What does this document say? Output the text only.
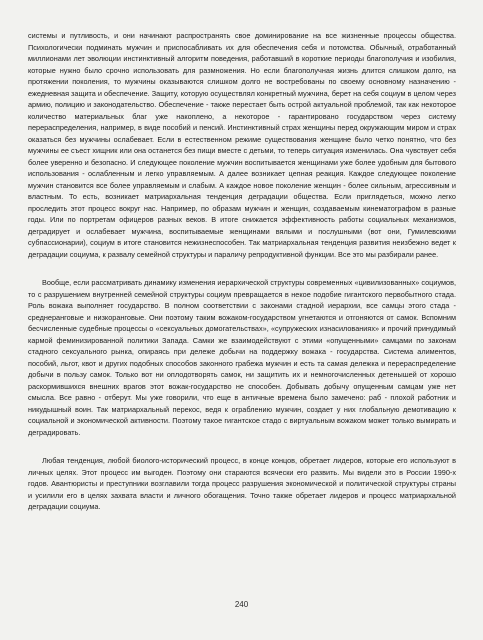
системы и путливость, и они начинают распространять свое доминирование на все жизненные процессы общества. Психологически подминать мужчин и приспосабливать их для обеспечения себя и потомства. Обычный, отработанный миллионами лет эволюции инстинктивный алгоритм поведения, работавший в короткие периоды благополучия и изобилия, которые нужно было срочно использовать для размножения. Но если благополучная жизнь длится слишком долго, на протяжении поколения, то мужчины оказываются слишком долго не востребованы по своему основному назначению - ежедневная защита и обеспечение. Защиту, которую осуществлял конкретный мужчина, берет на себя социум в целом через армию, полицию и законодательство. Обеспечение - также перестает быть острой актуальной проблемой, так как некоторое количество материальных благ уже накоплено, а некоторое - гарантировано государством через систему перераспределения, например, в виде пособий и пенсий. Инстинктивный страх женщины перед окружающим миром и страх оказаться без мужчины ослабевает. Если в естественном режиме существования женщине было четко понятно, что без мужчины ее съест хищник или она останется без пищи вместе с детьми, то теперь ситуация изменилась. Она чувствует себя более уверенно и безопасно. И следующее поколение мужчин воспитывается женщинами уже более удобным для бытового использования - ослабленным и легко управляемым. А далее возникает цепная реакция. Каждое следующее поколение мужчин становится все более управляемым и слабым. А каждое новое поколение женщин - более сильным, агрессивным и властным. То есть, возникает матриархальная тенденция деградации общества. Если приглядеться, можно легко проследить этот процесс вокруг нас. Например, по образам мужчин и женщин, создаваемым кинематографом в разные годы. Или по портретам офицеров разных веков. В итоге снижается эффективность работы социальных механизмов, деградирует и ослабевает мужчина, воспитываемые женщинами вялыми и послушными (вот они, Гумилевскими субпассионарии), социум в итоге становится нежизнеспособен. Так матриархальная тенденция развития неизбежно ведет к деградации социума, к развалу семейной структуры и параличу репродуктивной функции. Все это мы разбирали ранее.

Вообще, если рассматривать динамику изменения иерархической структуры современных «цивилизованных» социумов, то с разрушением внутренней семейной структуры социум превращается в некое подобие гигантского первобытного стада. Роль вожака выполняет государство. В полном соответствии с законами стадной иерархии, все самцы этого стада - среднеранговые и низкоранговые. Они поэтому таким вожаком-государством угнетаются и отгоняются от самок. Вспомним бесчисленные судебные процессы о «сексуальных домогательствах», «супружеских изнасилованиях» и прочий принудимый кармой феминизированной политики Запада. Самки же взаимодействуют с этими «опущенными» самцами по законам стадного сексуального рынка, опираясь при дележе добычи на поддержку вожака - государства. Система алиментов, пособий, льгот, квот и других подобных способов законного грабежа мужчин и есть та самая дележка и перераспределение добычи в пользу самок. Только вот ни оплодотворять самок, ни защитить их и немногочисленных детенышей от хорошо раскормившихся внешних врагов этот вожак-государство не способен. Добывать добычу опущенным самцам уже нет смысла. Все равно - отберут. Мы уже говорили, что еще в античные времена было замечено: раб - плохой работник и никудышный воин. Так матриархальный перекос, ведя к ограблению мужчин, создает у них глобальную демотивацию к социальной и экономической активности. Поэтому такое гигантское стадо с виртуальным вожаком может только вымирать и деградировать.

Любая тенденция, любой биолого-исторический процесс, в конце концов, обретает лидеров, которые его используют в личных целях. Этот процесс им выгоден. Поэтому они стараются всячески его развить. Мы видели это в России 1990-х годов. Авантюристы и преступники возглавили тогда процесс разрушения экономической и политической структуры страны и усилили его в целях захвата власти и личного обогащения. Точно также обретает лидеров и процесс матриархальной деградации социума.

240
